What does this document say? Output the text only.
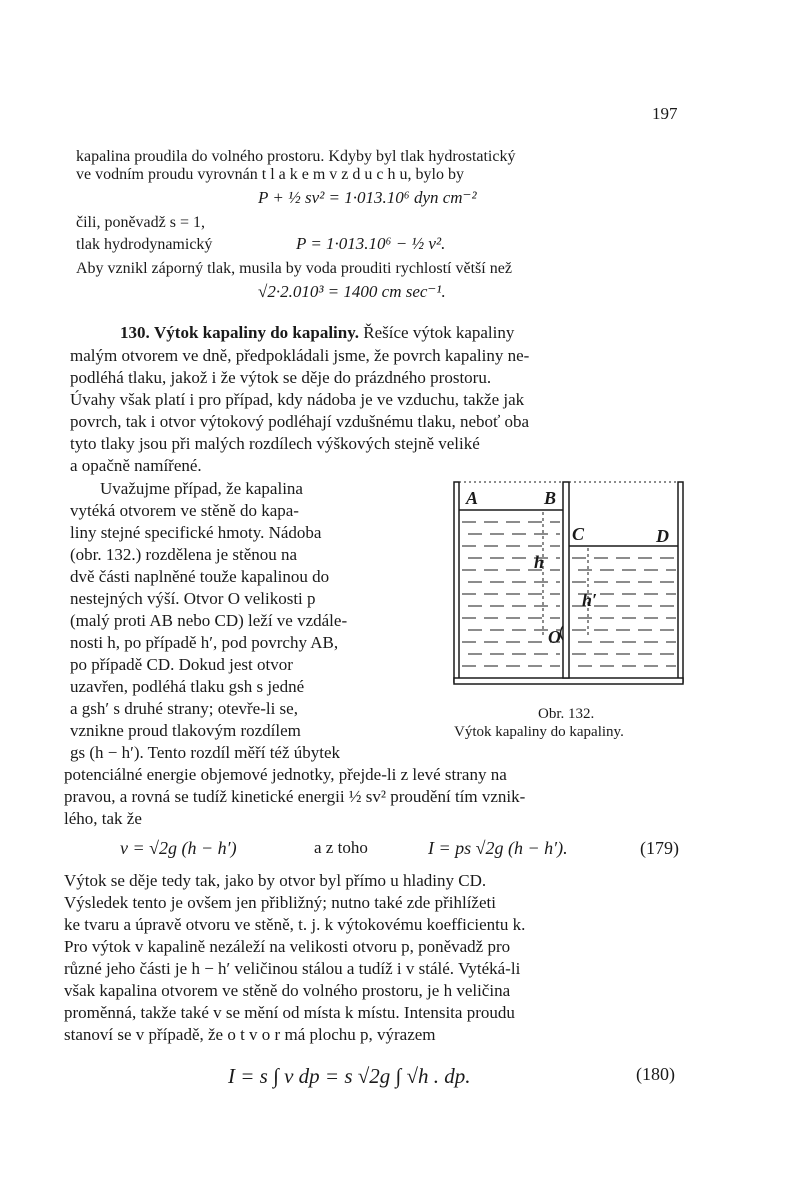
197
kapalina proudila do volného prostoru. Kdyby byl tlak hydrostatický
ve vodním proudu vyrovnán t l a k e m v z d u c h u, bylo by
P + ½ sv² = 1·013.10⁶ dyn cm⁻²
čili, poněvadž s = 1,
tlak hydrodynamický	P = 1·013.10⁶ − ½ v².
Aby vznikl záporný tlak, musila by voda prouditi rychlostí větší než
√2·2.010³ = 1400 cm sec⁻¹.
130. Výtok kapaliny do kapaliny. Řešíce výtok kapaliny
malým otvorem ve dně, předpokládali jsme, že povrch kapaliny ne-
podléhá tlaku, jakož i že výtok se děje do prázdného prostoru.
Úvahy však platí i pro případ, kdy nádoba je ve vzduchu, takže jak
povrch, tak i otvor výtokový podléhají vzdušnému tlaku, neboť oba
tyto tlaky jsou při malých rozdílech výškových stejně veliké
a opačně namířené.
Uvažujme případ, že kapalina
vytéká otvorem ve stěně do kapa-
liny stejné specifické hmoty. Nádoba
(obr. 132.) rozdělena je stěnou na
dvě části naplněné touže kapalinou do
nestejných výší. Otvor O velikosti p
(malý proti AB nebo CD) leží ve vzdále-
nosti h, po případě h′, pod povrchy AB,
po případě CD. Dokud jest otvor
uzavřen, podléhá tlaku gsh s jedné
a gsh′ s druhé strany; otevře-li se,
vznikne proud tlakovým rozdílem
gs (h − h′). Tento rozdíl měří též úbytek
A	B
C	D
h
h′
O
Obr. 132.
Výtok kapaliny do kapaliny.
potenciálné energie objemové jednotky, přejde-li z levé strany na
pravou, a rovná se tudíž kinetické energii ½ sv² proudění tím vznik-
lého, tak že
v = √2g (h − h′)	a z toho	I = ps √2g (h − h′).	(179)
Výtok se děje tedy tak, jako by otvor byl přímo u hladiny CD.
Výsledek tento je ovšem jen přibližný; nutno také zde přihlížeti
ke tvaru a úpravě otvoru ve stěně, t. j. k výtokovému koefficientu k.
Pro výtok v kapalině nezáleží na velikosti otvoru p, poněvadž pro
různé jeho části je h − h′ veličinou stálou a tudíž i v stálé. Vytéká-li
však kapalina otvorem ve stěně do volného prostoru, je h veličina
proměnná, takže také v se mění od místa k místu. Intensita proudu
stanoví se v případě, že o t v o r má plochu p, výrazem
I = s ∫ v dp = s √2g ∫ √h . dp.	(180)
